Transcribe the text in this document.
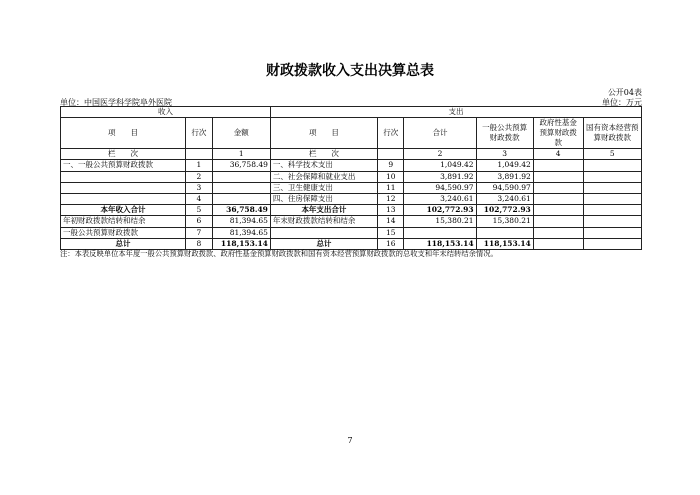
财政拨款收入支出决算总表
公开04表
单位：中国医学科学院阜外医院	单位：万元
收入			支出					
项　　目	行次	金额	项　　目	行次	合计	一般公共预算财政拨款	政府性基金预算财政拨款	国有资本经营预算财政拨款
栏　　次		1	栏　　次		2	3	4	5
一、一般公共预算财政拨款	1	36,758.49	一、科学技术支出	9	1,049.42	1,049.42		
	2		二、社会保障和就业支出	10	3,891.92	3,891.92		
	3		三、卫生健康支出	11	94,590.97	94,590.97		
	4		四、住房保障支出	12	3,240.61	3,240.61		
本年收入合计	5	36,758.49	本年支出合计	13	102,772.93	102,772.93		
年初财政拨款结转和结余	6	81,394.65	年末财政拨款结转和结余	14	15,380.21	15,380.21		
一般公共预算财政拨款	7	81,394.65		15				
总计	8	118,153.14	总计	16	118,153.14	118,153.14		
注：本表反映单位本年度一般公共预算财政拨款、政府性基金预算财政拨款和国有资本经营预算财政拨款的总收支和年末结转结余情况。
7
